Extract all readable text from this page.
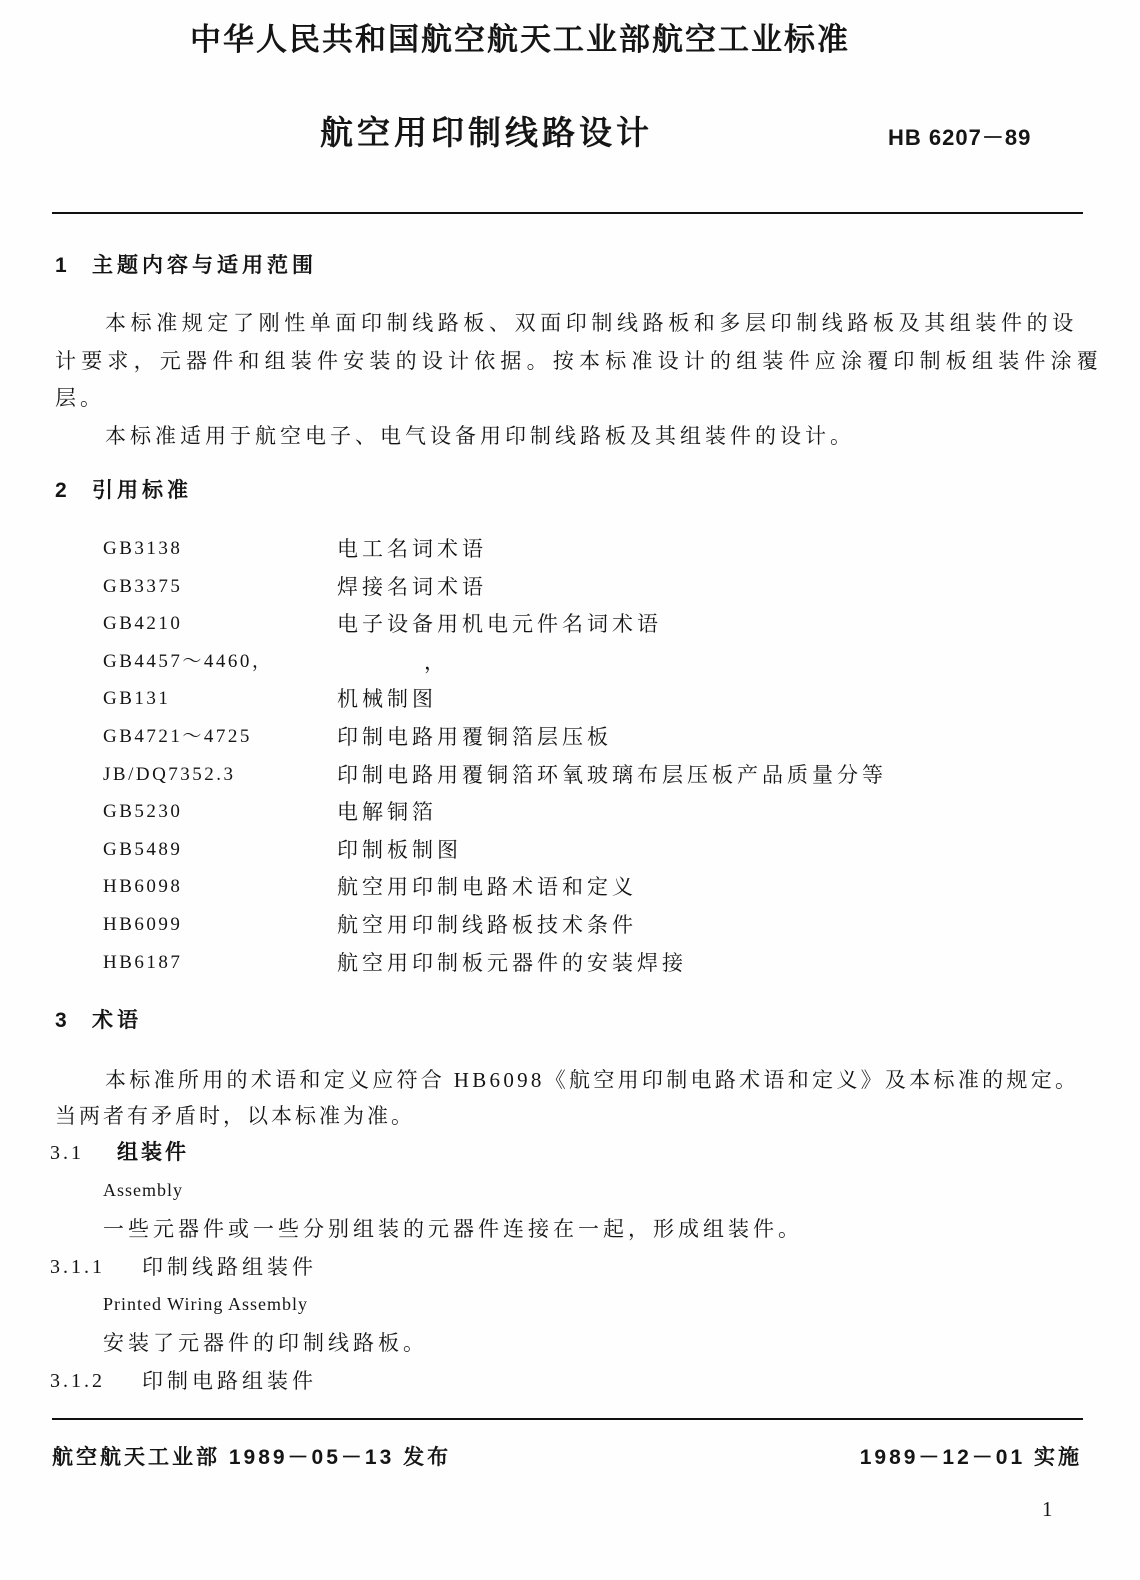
中华人民共和国航空航天工业部航空工业标准
航空用印制线路设计	HB 6207－89
1 主题内容与适用范围
本标准规定了刚性单面印制线路板、双面印制线路板和多层印制线路板及其组装件的设
计要求，元器件和组装件安装的设计依据。按本标准设计的组装件应涂覆印制板组装件涂覆
层。
本标准适用于航空电子、电气设备用印制线路板及其组装件的设计。
2 引用标准
GB3138	电工名词术语
GB3375	焊接名词术语
GB4210	电子设备用机电元件名词术语
GB4457～4460，	，
GB131	机械制图
GB4721～4725	印制电路用覆铜箔层压板
JB/DQ7352.3	印制电路用覆铜箔环氧玻璃布层压板产品质量分等
GB5230	电解铜箔
GB5489	印制板制图
HB6098	航空用印制电路术语和定义
HB6099	航空用印制线路板技术条件
HB6187	航空用印制板元器件的安装焊接
3 术语
本标准所用的术语和定义应符合 HB6098《航空用印制电路术语和定义》及本标准的规定。
当两者有矛盾时，以本标准为准。
3.1 组装件
Assembly
一些元器件或一些分别组装的元器件连接在一起，形成组装件。
3.1.1 印制线路组装件
Printed Wiring Assembly
安装了元器件的印制线路板。
3.1.2 印制电路组装件
航空航天工业部 1989－05－13 发布	1989－12－01 实施
1
